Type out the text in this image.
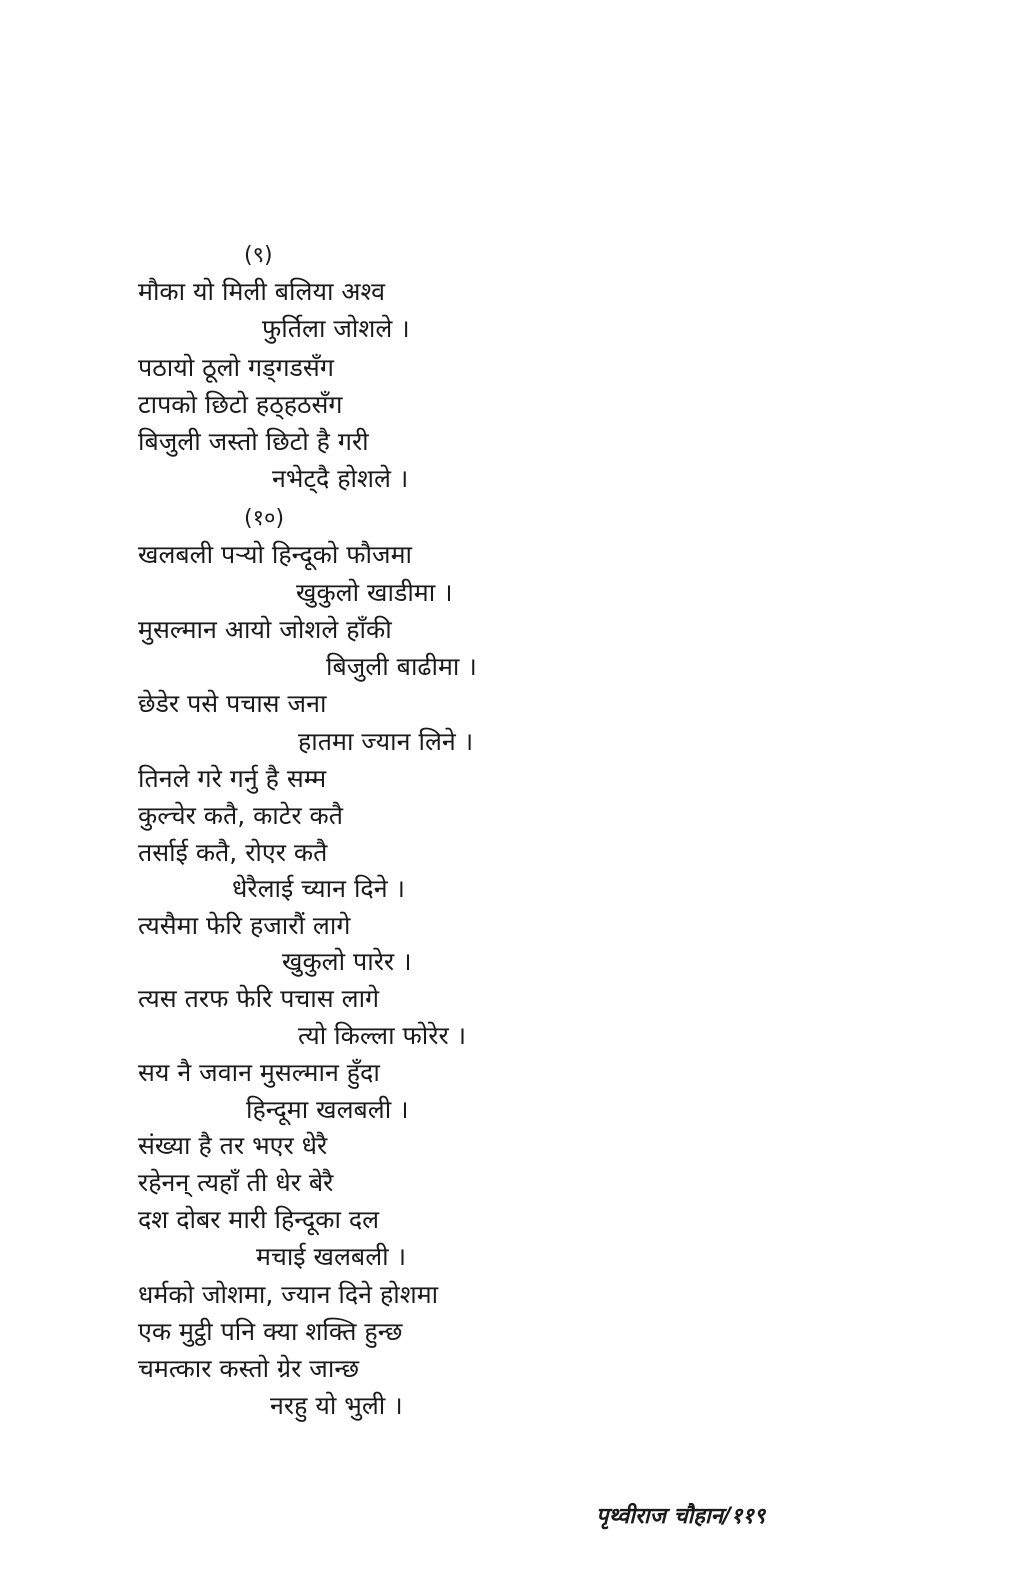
(९)
मौका यो मिली बलिया अश्व
फुर्तिला जोशले ।
पठायो ठूलो गड्गडसँग
टापको छिटो हठ्हठसँग
बिजुली जस्तो छिटो है गरी
नभेट्दै होशले ।
(१०)
खलबली पर्‍यो हिन्दूको फौजमा
खुकुलो खाडीमा ।
मुसल्मान आयो जोशले हाँकी
बिजुली बाढीमा ।
छेडेर पसे पचास जना
हातमा ज्यान लिने ।
तिनले गरे गर्नु है सम्म
कुल्चेर कतै, काटेर कतै
तर्साई कतै, रोएर कतै
धेरैलाई च्यान दिने ।
त्यसैमा फेरि हजारौं लागे
खुकुलो पारेर ।
त्यस तरफ फेरि पचास लागे
त्यो किल्ला फोरेर ।
सय नै जवान मुसल्मान हुँदा
हिन्दूमा खलबली ।
संख्या है तर भएर धेरै
रहेनन् त्यहाँ ती धेर बेरै
दश दोबर मारी हिन्दूका दल
मचाई खलबली ।
धर्मको जोशमा, ज्यान दिने होशमा
एक मुट्ठी पनि क्या शक्ति हुन्छ
चमत्कार कस्तो ग्रेर जान्छ
नरहु यो भुली ।
पृथ्वीराज चौहान/११९
